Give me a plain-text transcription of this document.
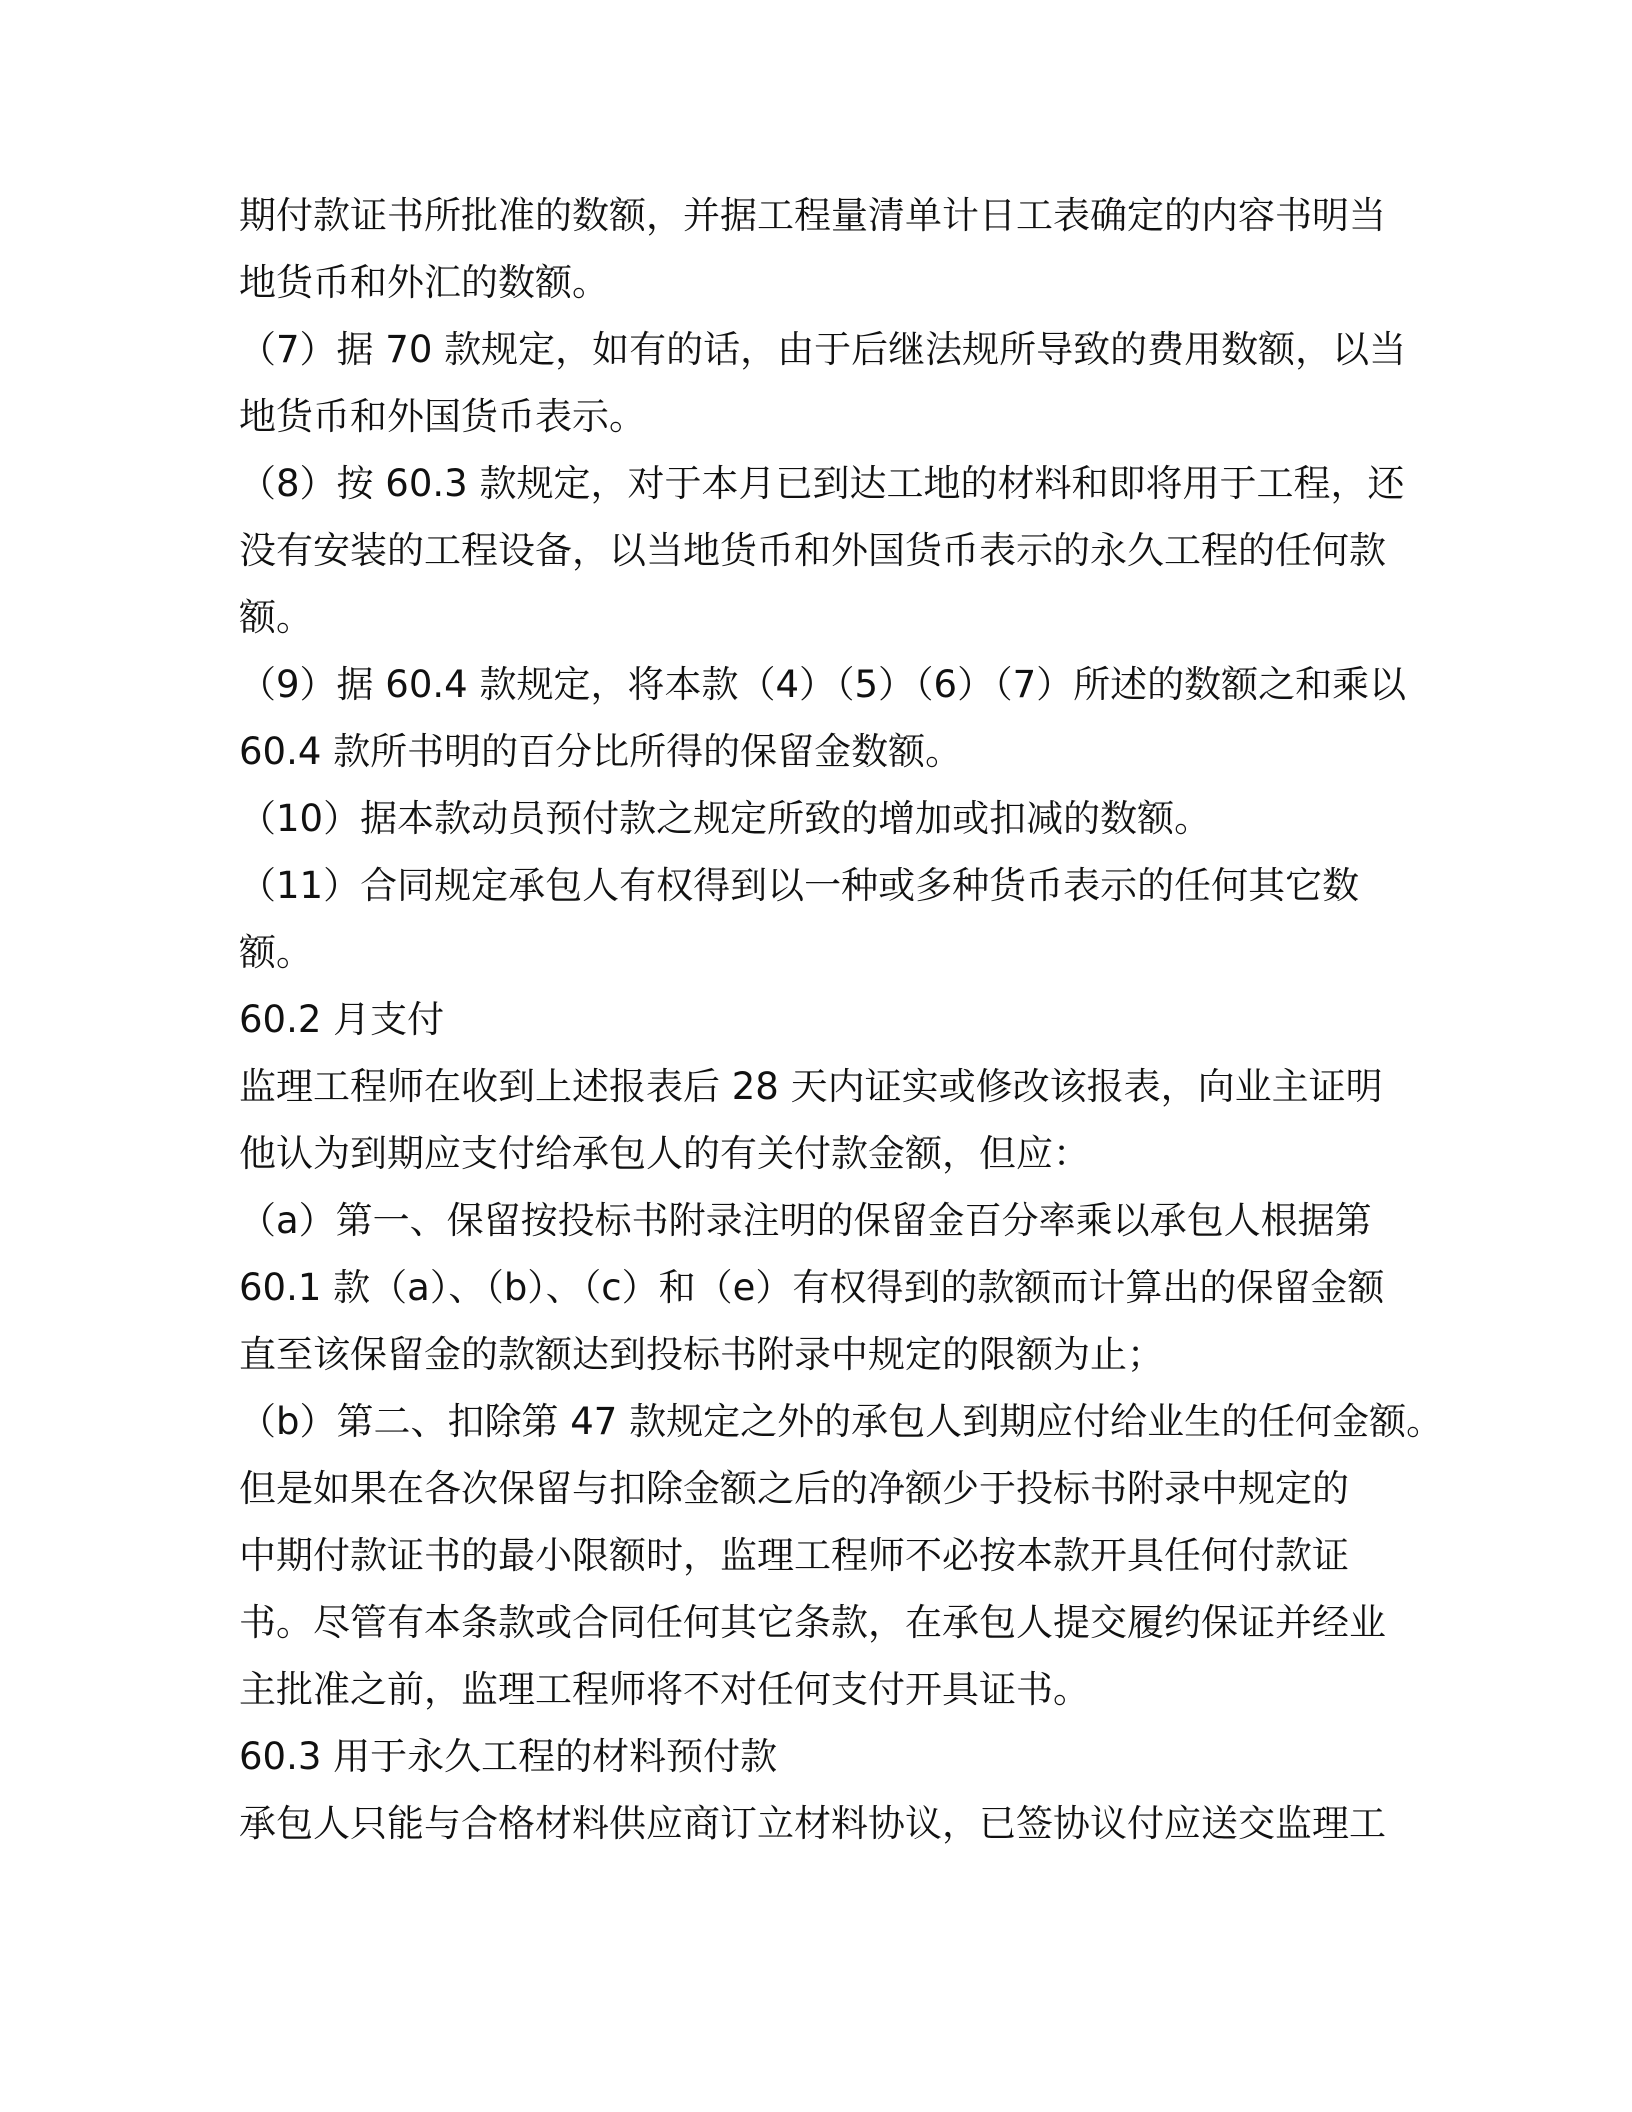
期付款证书所批准的数额，并据工程量清单计日工表确定的内容书明当
地货币和外汇的数额。
（7）据 70 款规定，如有的话，由于后继法规所导致的费用数额，以当
地货币和外国货币表示。
（8）按 60.3 款规定，对于本月已到达工地的材料和即将用于工程，还
没有安装的工程设备，以当地货币和外国货币表示的永久工程的任何款
额。
（9）据 60.4 款规定，将本款（4）（5）（6）（7）所述的数额之和乘以
60.4 款所书明的百分比所得的保留金数额。
（10）据本款动员预付款之规定所致的增加或扣减的数额。
（11）合同规定承包人有权得到以一种或多种货币表示的任何其它数
额。
60.2 月支付
监理工程师在收到上述报表后 28 天内证实或修改该报表，向业主证明
他认为到期应支付给承包人的有关付款金额，但应：
（a）第一、保留按投标书附录注明的保留金百分率乘以承包人根据第
60.1 款（a）、（b）、（c）和（e）有权得到的款额而计算出的保留金额
直至该保留金的款额达到投标书附录中规定的限额为止；
（b）第二、扣除第 47 款规定之外的承包人到期应付给业生的任何金额。
但是如果在各次保留与扣除金额之后的净额少于投标书附录中规定的
中期付款证书的最小限额时，监理工程师不必按本款开具任何付款证
书。尽管有本条款或合同任何其它条款，在承包人提交履约保证并经业
主批准之前，监理工程师将不对任何支付开具证书。
60.3 用于永久工程的材料预付款
承包人只能与合格材料供应商订立材料协议，已签协议付应送交监理工
